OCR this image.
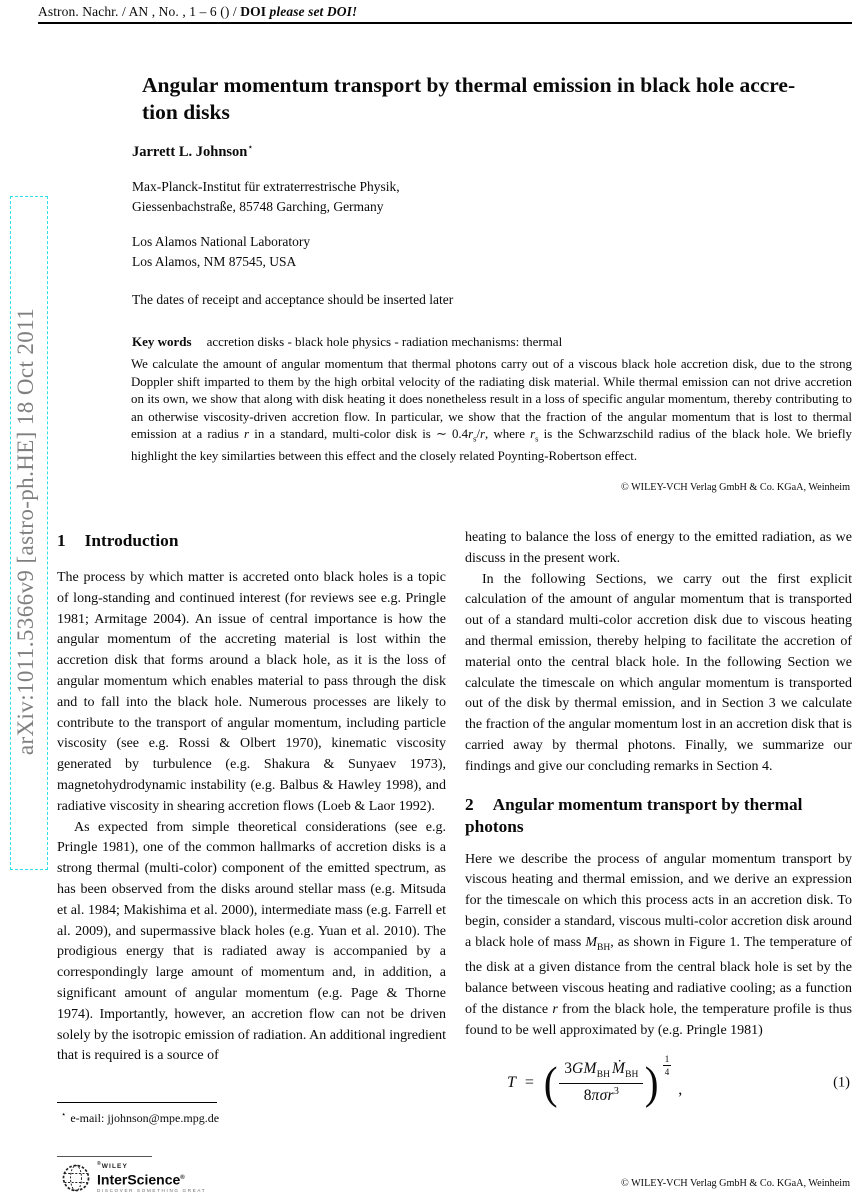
Astron. Nachr. / AN , No. , 1 – 6 () / DOI please set DOI!
arXiv:1011.5366v9 [astro-ph.HE] 18 Oct 2011
Angular momentum transport by thermal emission in black hole accre-
tion disks
Jarrett L. Johnson⋆
Max-Planck-Institut für extraterrestrische Physik,
Giessenbachstraße, 85748 Garching, Germany
Los Alamos National Laboratory
Los Alamos, NM 87545, USA
The dates of receipt and acceptance should be inserted later
Key words accretion disks - black hole physics - radiation mechanisms: thermal

We calculate the amount of angular momentum that thermal photons carry out of a viscous black hole accretion disk, due to the strong Doppler shift imparted to them by the high orbital velocity of the radiating disk material. While thermal emission can not drive accretion on its own, we show that along with disk heating it does nonetheless result in a loss of specific angular momentum, thereby contributing to an otherwise viscosity-driven accretion flow. In particular, we show that the fraction of the angular momentum that is lost to thermal emission at a radius r in a standard, multi-color disk is ∼ $0.4r_s/r$, where $r_s$ is the Schwarzschild radius of the black hole. We briefly highlight the key similarties between this effect and the closely related Poynting-Robertson effect.

© WILEY-VCH Verlag GmbH & Co. KGaA, Weinheim

1 Introduction

The process by which matter is accreted onto black holes is a topic of long-standing and continued interest (for reviews see e.g. Pringle 1981; Armitage 2004). An issue of central importance is how the angular momentum of the accreting material is lost within the accretion disk that forms around a black hole, as it is the loss of angular momentum which enables material to pass through the disk and to fall into the black hole. Numerous processes are likely to contribute to the transport of angular momentum, including particle viscosity (see e.g. Rossi & Olbert 1970), kinematic viscosity generated by turbulence (e.g. Shakura & Sunyaev 1973), magnetohydrodynamic instability (e.g. Balbus & Hawley 1998), and radiative viscosity in shearing accretion flows (Loeb & Laor 1992).

As expected from simple theoretical considerations (see e.g. Pringle 1981), one of the common hallmarks of accretion disks is a strong thermal (multi-color) component of the emitted spectrum, as has been observed from the disks around stellar mass (e.g. Mitsuda et al. 1984; Makishima et al. 2000), intermediate mass (e.g. Farrell et al. 2009), and supermassive black holes (e.g. Yuan et al. 2010). The prodigious energy that is radiated away is accompanied by a correspondingly large amount of momentum and, in addition, a significant amount of angular momentum (e.g. Page & Thorne 1974). Importantly, however, an accretion flow can not be driven solely by the isotropic emission of radiation. An additional ingredient that is required is a source of

heating to balance the loss of energy to the emitted radiation, as we discuss in the present work.

In the following Sections, we carry out the first explicit calculation of the amount of angular momentum that is transported out of a standard multi-color accretion disk due to viscous heating and thermal emission, thereby helping to facilitate the accretion of material onto the central black hole. In the following Section we calculate the timescale on which angular momentum is transported out of the disk by thermal emission, and in Section 3 we calculate the fraction of the angular momentum lost in an accretion disk that is carried away by thermal photons. Finally, we summarize our findings and give our concluding remarks in Section 4.

2 Angular momentum transport by thermal photons

Here we describe the process of angular momentum transport by viscous heating and thermal emission, and we derive an expression for the timescale on which this process acts in an accretion disk. To begin, consider a standard, viscous multi-color accretion disk around a black hole of mass $M_{BH}$, as shown in Figure 1. The temperature of the disk at a given distance from the central black hole is set by the balance between viscous heating and radiative cooling; as a function of the distance r from the black hole, the temperature profile is thus found to be well approximated by (e.g. Pringle 1981)

T = ( $\frac{3GM_{BH} Ṁ_{BH}}{8\pi\sigma r^3}$ ) $\frac{1}{4}$
,	(1)
⋆ e-mail: jjohnson@mpe.mpg.de
®WILEY
InterScience®
DISCOVER SOMETHING GREAT
© WILEY-VCH Verlag GmbH & Co. KGaA, Weinheim
